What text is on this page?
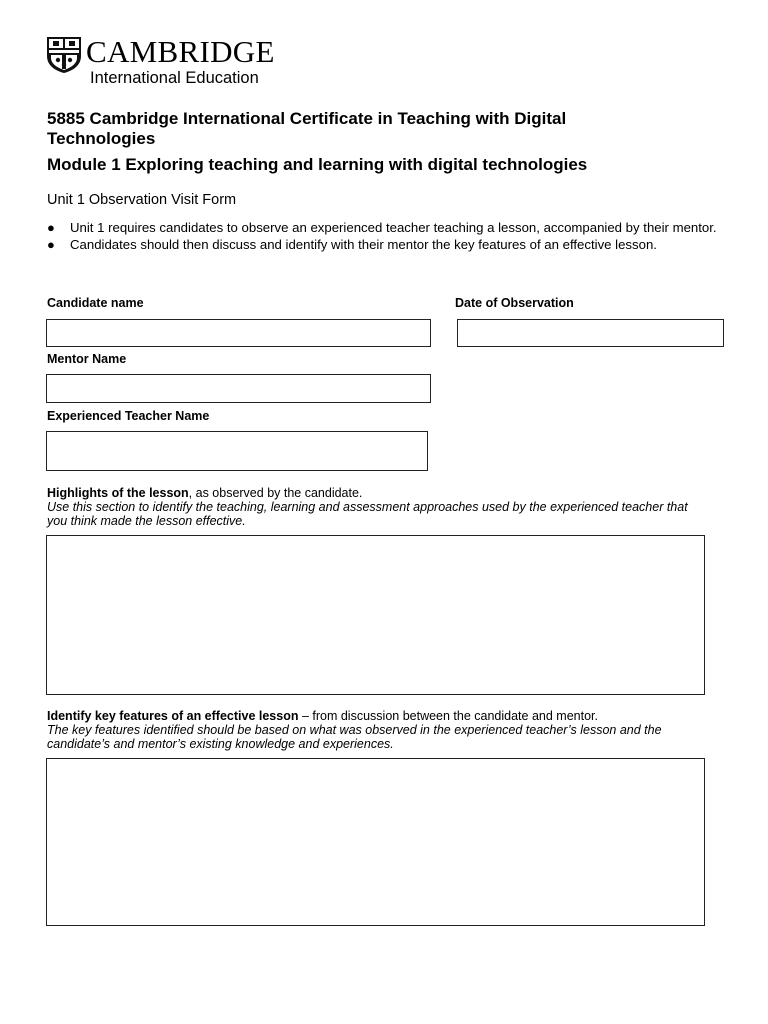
CAMBRIDGE
International Education
5885 Cambridge International Certificate in Teaching with Digital Technologies
Module 1 Exploring teaching and learning with digital technologies
Unit 1 Observation Visit Form

● Unit 1 requires candidates to observe an experienced teacher teaching a lesson, accompanied by their mentor.

● Candidates should then discuss and identify with their mentor the key features of an effective lesson.

Candidate name	Date of Observation
Mentor Name
Experienced Teacher Name
Highlights of the lesson, as observed by the candidate.
Use this section to identify the teaching, learning and assessment approaches used by the experienced teacher that you think made the lesson effective.
Identify key features of an effective lesson – from discussion between the candidate and mentor.
The key features identified should be based on what was observed in the experienced teacher’s lesson and the candidate’s and mentor’s existing knowledge and experiences.
